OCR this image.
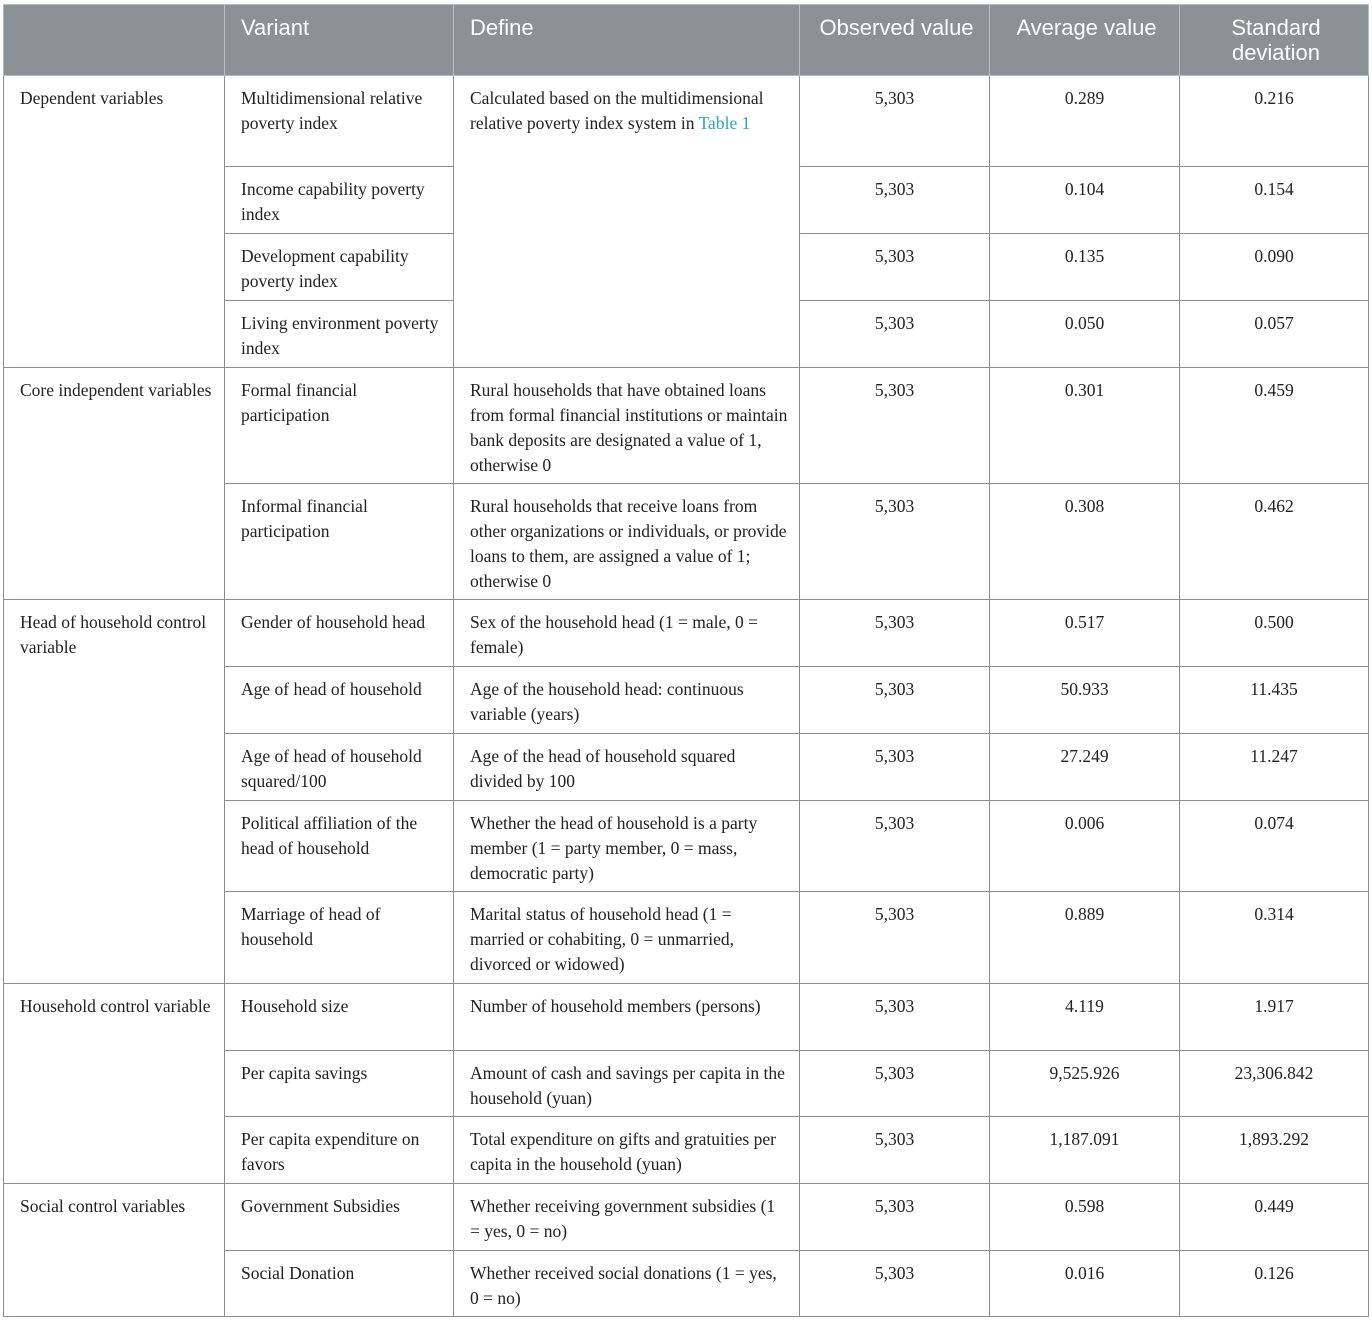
	Variant	Define	Observed value	Average value	Standard deviation
Dependent variables	Multidimensional relative poverty index	Calculated based on the multidimensional relative poverty index system in Table 1	5,303	0.289	0.216
	Income capability poverty index		5,303	0.104	0.154
	Development capability poverty index		5,303	0.135	0.090
	Living environment poverty index		5,303	0.050	0.057
Core independent variables	Formal financial participation	Rural households that have obtained loans from formal financial institutions or maintain bank deposits are designated a value of 1, otherwise 0	5,303	0.301	0.459
	Informal financial participation	Rural households that receive loans from other organizations or individuals, or provide loans to them, are assigned a value of 1; otherwise 0	5,303	0.308	0.462
Head of household control variable	Gender of household head	Sex of the household head (1 = male, 0 = female)	5,303	0.517	0.500
	Age of head of household	Age of the household head: continuous variable (years)	5,303	50.933	11.435
	Age of head of household squared/100	Age of the head of household squared divided by 100	5,303	27.249	11.247
	Political affiliation of the head of household	Whether the head of household is a party member (1 = party member, 0 = mass, democratic party)	5,303	0.006	0.074
	Marriage of head of household	Marital status of household head (1 = married or cohabiting, 0 = unmarried, divorced or widowed)	5,303	0.889	0.314
Household control variable	Household size	Number of household members (persons)	5,303	4.119	1.917
	Per capita savings	Amount of cash and savings per capita in the household (yuan)	5,303	9,525.926	23,306.842
	Per capita expenditure on favors	Total expenditure on gifts and gratuities per capita in the household (yuan)	5,303	1,187.091	1,893.292
Social control variables	Government Subsidies	Whether receiving government subsidies (1 = yes, 0 = no)	5,303	0.598	0.449
	Social Donation	Whether received social donations (1 = yes, 0 = no)	5,303	0.016	0.126
